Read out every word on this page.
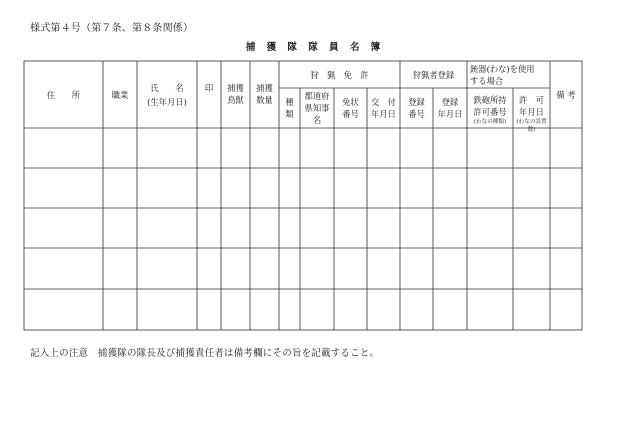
様式第４号（第７条、第８条関係）
捕 獲 隊 隊 員 名 簿
住　　所	職業
氏　　名
(生年月日)
印	捕獲
鳥獣
捕獲
数量
狩　猟　免　許
種
類
都道府
県知事
名
免状
番号
交　付
年月日
狩猟者登録
登録
番号
登録
年月日
銃器(わな)を使用
する場合
鉄砲所持
許可番号
(わなの種類)
許　可
年月日
(わなの設置数)
備 考
記入上の注意　捕獲隊の隊長及び捕獲責任者は備考欄にその旨を記載すること。
